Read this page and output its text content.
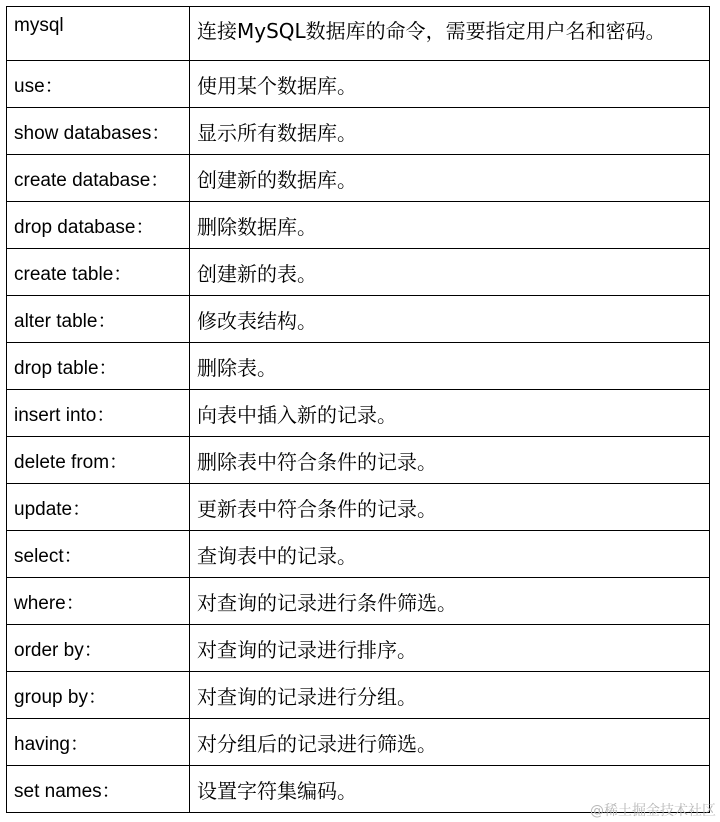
mysql	连接MySQL数据库的命令，需要指定用户名和密码。
use：	使用某个数据库。
show databases：	显示所有数据库。
create database：	创建新的数据库。
drop database：	删除数据库。
create table：	创建新的表。
alter table：	修改表结构。
drop table：	删除表。
insert into：	向表中插入新的记录。
delete from：	删除表中符合条件的记录。
update：	更新表中符合条件的记录。
select：	查询表中的记录。
where：	对查询的记录进行条件筛选。
order by：	对查询的记录进行排序。
group by：	对查询的记录进行分组。
having：	对分组后的记录进行筛选。
set names：	设置字符集编码。
@稀土掘金技术社区
